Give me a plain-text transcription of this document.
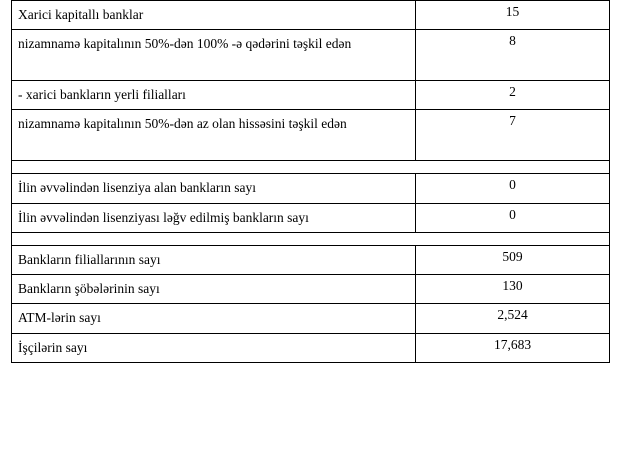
Xarici kapitallı banklar	15
nizamnamə kapitalının 50%-dən 100% -ə qədərini təşkil edən	8
- xarici bankların yerli filialları	2
nizamnamə kapitalının 50%-dən az olan hissəsini təşkil edən	7

İlin əvvəlindən lisenziya alan bankların sayı	0
İlin əvvəlindən lisenziyası ləğv edilmiş bankların sayı	0

Bankların filiallarının sayı	509
Bankların şöbələrinin sayı	130
ATM-lərin sayı	2,524
İşçilərin sayı	17,683
